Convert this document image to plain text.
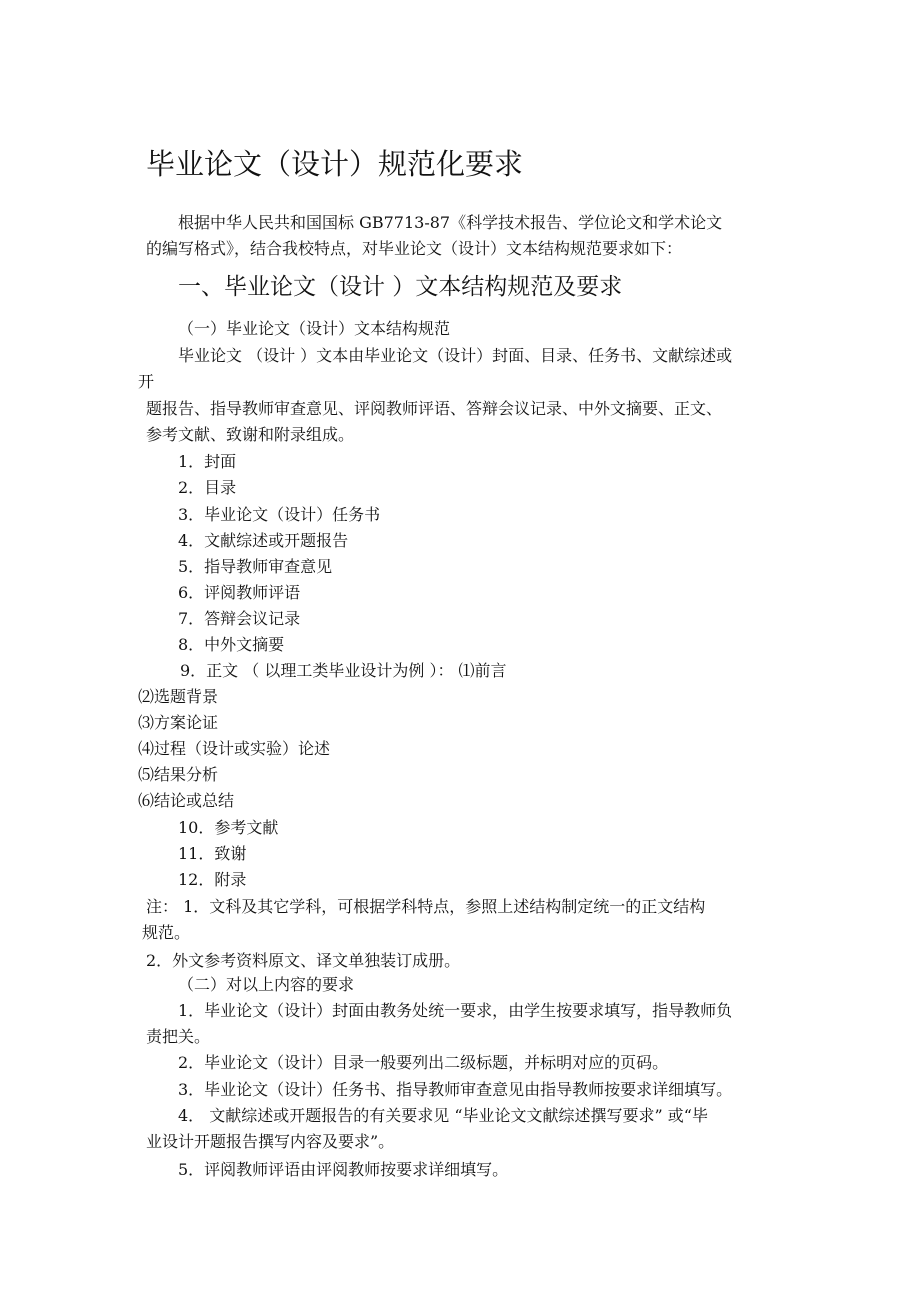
毕业论文（设计）规范化要求
根据中华人民共和国国标 GB7713-87《科学技术报告、学位论文和学术论文
的编写格式》，结合我校特点，对毕业论文（设计）文本结构规范要求如下：
一、毕业论文（设计 ）文本结构规范及要求
（一）毕业论文（设计）文本结构规范
毕业论文 （设计 ）文本由毕业论文（设计）封面、目录、任务书、文献综述或
开
题报告、指导教师审查意见、评阅教师评语、答辩会议记录、中外文摘要、正文、
参考文献、致谢和附录组成。
1．封面
2．目录
3．毕业论文（设计）任务书
4．文献综述或开题报告
5．指导教师审查意见
6．评阅教师评语
7．答辩会议记录
8．中外文摘要
9．正文 （ 以理工类毕业设计为例 ）： ⑴前言
⑵选题背景
⑶方案论证
⑷过程（设计或实验）论述
⑸结果分析
⑹结论或总结
10．参考文献
11．致谢
12．附录
注： 1．文科及其它学科，可根据学科特点，参照上述结构制定统一的正文结构
规范。
2．外文参考资料原文、译文单独装订成册。
（二）对以上内容的要求
1．毕业论文（设计）封面由教务处统一要求，由学生按要求填写，指导教师负
责把关。
2．毕业论文（设计）目录一般要列出二级标题，并标明对应的页码。
3．毕业论文（设计）任务书、指导教师审查意见由指导教师按要求详细填写。
4． 文献综述或开题报告的有关要求见 “毕业论文文献综述撰写要求” 或“毕
业设计开题报告撰写内容及要求”。
5．评阅教师评语由评阅教师按要求详细填写。
